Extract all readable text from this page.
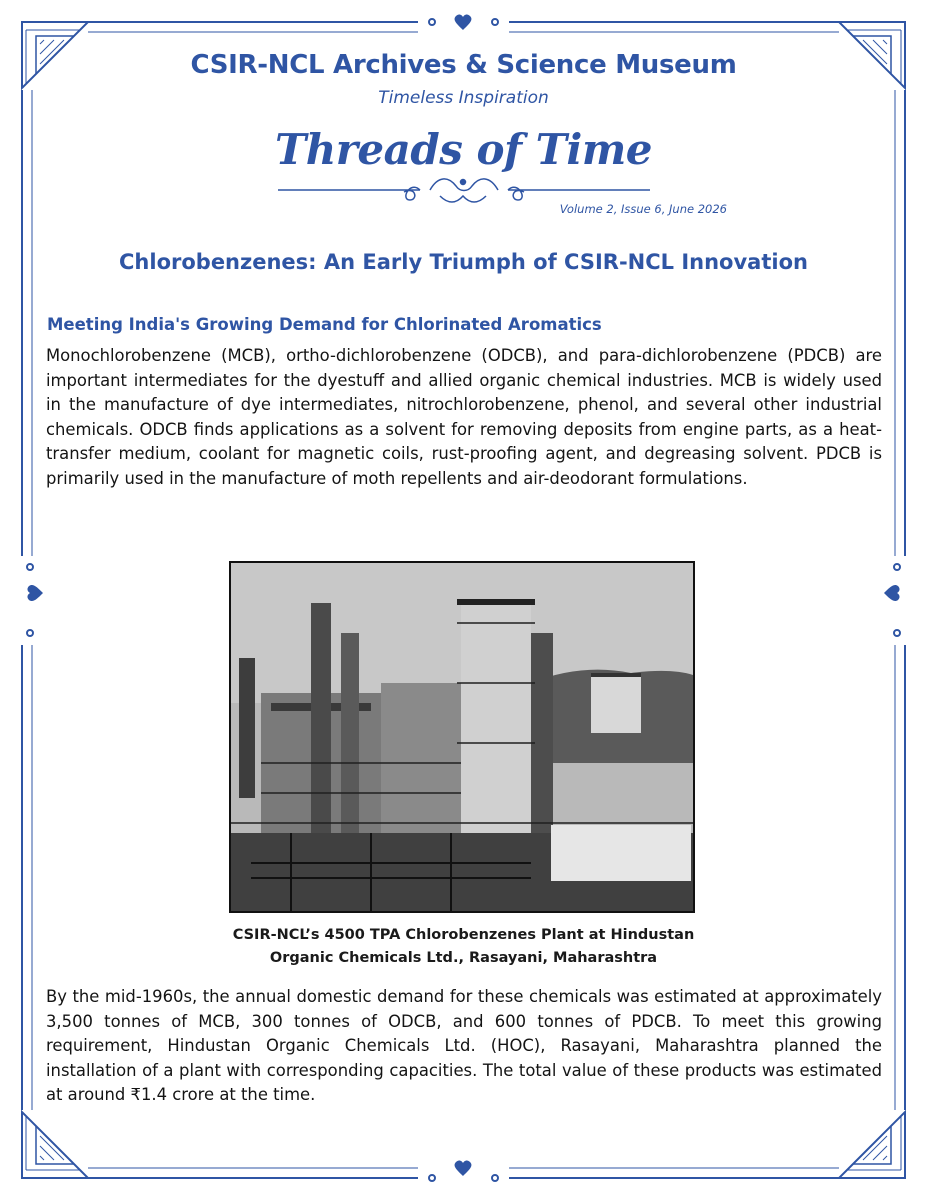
CSIR-NCL Archives & Science Museum
Timeless Inspiration
Threads of Time
Volume 2, Issue 6, June 2026
Chlorobenzenes: An Early Triumph of CSIR-NCL Innovation
Meeting India's Growing Demand for Chlorinated Aromatics

Monochlorobenzene (MCB), ortho-dichlorobenzene (ODCB), and para-dichlorobenzene (PDCB) are important intermediates for the dyestuff and allied organic chemical industries. MCB is widely used in the manufacture of dye intermediates, nitrochlorobenzene, phenol, and several other industrial chemicals. ODCB finds applications as a solvent for removing deposits from engine parts, as a heat-transfer medium, coolant for magnetic coils, rust-proofing agent, and degreasing solvent. PDCB is primarily used in the manufacture of moth repellents and air-deodorant formulations.

CSIR-NCL’s 4500 TPA Chlorobenzenes Plant at Hindustan
Organic Chemicals Ltd., Rasayani, Maharashtra

By the mid-1960s, the annual domestic demand for these chemicals was estimated at approximately 3,500 tonnes of MCB, 300 tonnes of ODCB, and 600 tonnes of PDCB. To meet this growing requirement, Hindustan Organic Chemicals Ltd. (HOC), Rasayani, Maharashtra planned the installation of a plant with corresponding capacities. The total value of these products was estimated at around ₹1.4 crore at the time.
